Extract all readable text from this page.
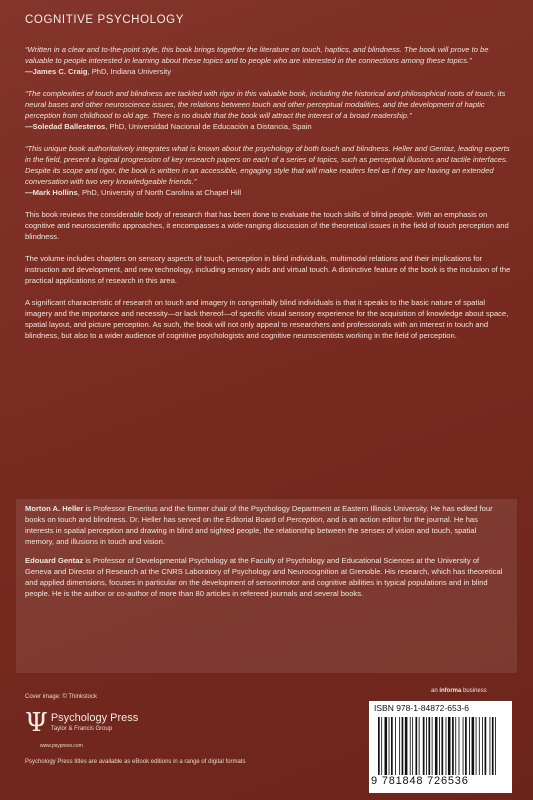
COGNITIVE PSYCHOLOGY

“Written in a clear and to-the-point style, this book brings together the literature on touch, haptics, and blindness. The book will prove to be valuable to people interested in learning about these topics and to people who are interested in the connections among these topics.”
—James C. Craig, PhD, Indiana University

“The complexities of touch and blindness are tackled with rigor in this valuable book, including the historical and philosophical roots of touch, its neural bases and other neuroscience issues, the relations between touch and other perceptual modalities, and the development of haptic perception from childhood to old age. There is no doubt that the book will attract the interest of a broad readership.”
—Soledad Ballesteros, PhD, Universidad Nacional de Educación a Distancia, Spain

“This unique book authoritatively integrates what is known about the psychology of both touch and blindness. Heller and Gentaz, leading experts in the field, present a logical progression of key research papers on each of a series of topics, such as perceptual illusions and tactile interfaces. Despite its scope and rigor, the book is written in an accessible, engaging style that will make readers feel as if they are having an extended conversation with two very knowledgeable friends.”
—Mark Hollins, PhD, University of North Carolina at Chapel Hill

This book reviews the considerable body of research that has been done to evaluate the touch skills of blind people. With an emphasis on cognitive and neuroscientific approaches, it encompasses a wide-ranging discussion of the theoretical issues in the field of touch perception and blindness.

The volume includes chapters on sensory aspects of touch, perception in blind individuals, multimodal relations and their implications for instruction and development, and new technology, including sensory aids and virtual touch. A distinctive feature of the book is the inclusion of the practical applications of research in this area.

A significant characteristic of research on touch and imagery in congenitally blind individuals is that it speaks to the basic nature of spatial imagery and the importance and necessity—or lack thereof—of specific visual sensory experience for the acquisition of knowledge about space, spatial layout, and picture perception. As such, the book will not only appeal to researchers and professionals with an interest in touch and blindness, but also to a wider audience of cognitive psychologists and cognitive neuroscientists working in the field of perception.

Morton A. Heller is Professor Emeritus and the former chair of the Psychology Department at Eastern Illinois University. He has edited four books on touch and blindness. Dr. Heller has served on the Editorial Board of Perception, and is an action editor for the journal. He has interests in spatial perception and drawing in blind and sighted people, the relationship between the senses of vision and touch, spatial memory, and illusions in touch and vision.

Edouard Gentaz is Professor of Developmental Psychology at the Faculty of Psychology and Educational Sciences at the University of Geneva and Director of Research at the CNRS Laboratory of Psychology and Neurocognition at Grenoble. His research, which has theoretical and applied dimensions, focuses in particular on the development of sensorimotor and cognitive abilities in typical populations and in blind people. He is the author or co-author of more than 80 articles in refereed journals and several books.

Cover image: © Thinkstock
Ψ Psychology Press
Taylor & Francis Group
www.psypress.com
Psychology Press titles are available as eBook editions in a range of digital formats
an informa business
ISBN 978-1-84872-653-6
9 781848 726536
